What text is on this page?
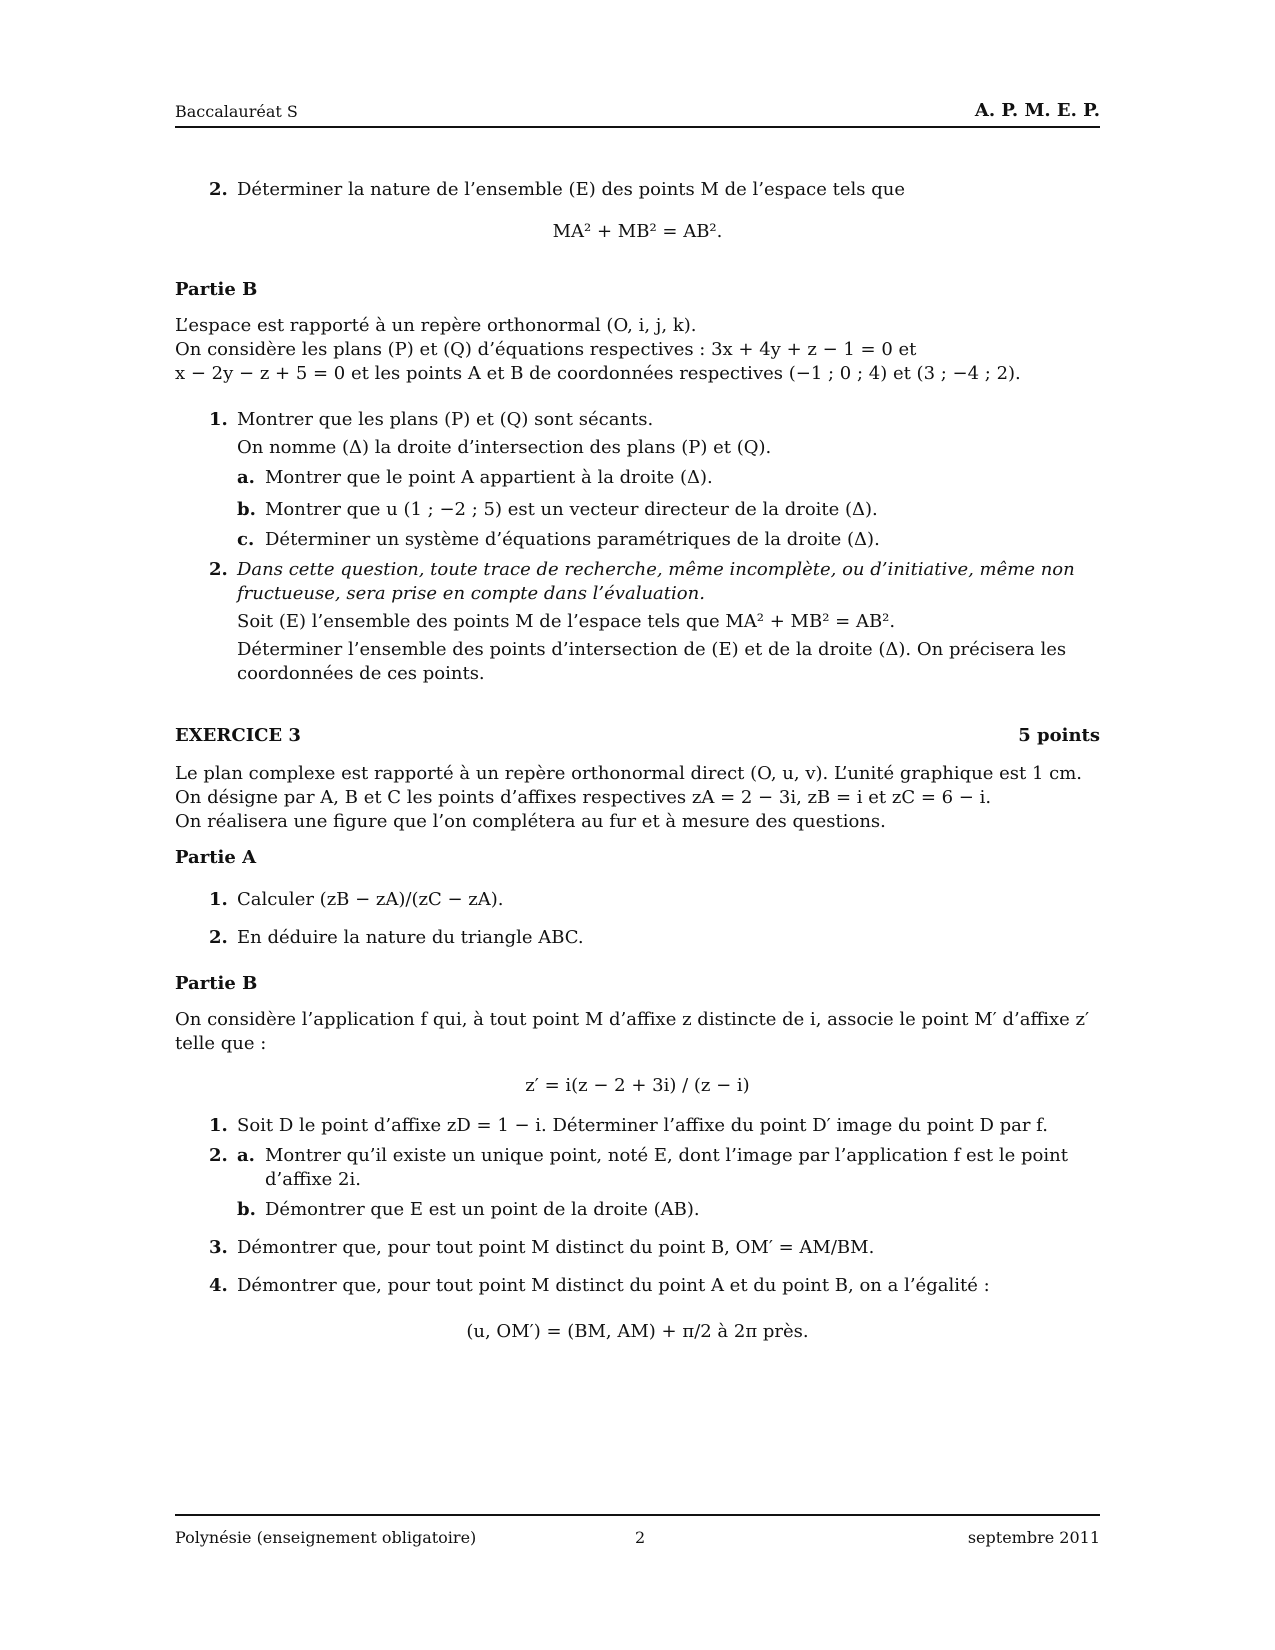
Baccalauréat S	A. P. M. E. P.
2. Déterminer la nature de l’ensemble (E) des points M de l’espace tels que
MA² + MB² = AB².
Partie B
L’espace est rapporté à un repère orthonormal (O, i, j, k).
On considère les plans (P) et (Q) d’équations respectives : 3x + 4y + z − 1 = 0 et
x − 2y − z + 5 = 0 et les points A et B de coordonnées respectives (−1 ; 0 ; 4) et (3 ; −4 ; 2).
1. Montrer que les plans (P) et (Q) sont sécants.
On nomme (Δ) la droite d’intersection des plans (P) et (Q).
a. Montrer que le point A appartient à la droite (Δ).
b. Montrer que u (1 ; −2 ; 5) est un vecteur directeur de la droite (Δ).
c. Déterminer un système d’équations paramétriques de la droite (Δ).
2. Dans cette question, toute trace de recherche, même incomplète, ou d’initiative, même non fructueuse, sera prise en compte dans l’évaluation.
Soit (E) l’ensemble des points M de l’espace tels que MA² + MB² = AB².
Déterminer l’ensemble des points d’intersection de (E) et de la droite (Δ). On précisera les coordonnées de ces points.
EXERCICE 3	5 points
Le plan complexe est rapporté à un repère orthonormal direct (O, u, v). L’unité graphique est 1 cm.
On désigne par A, B et C les points d’affixes respectives zA = 2 − 3i, zB = i et zC = 6 − i.
On réalisera une figure que l’on complétera au fur et à mesure des questions.
Partie A
1. Calculer (zB − zA)/(zC − zA).
2. En déduire la nature du triangle ABC.
Partie B
On considère l’application f qui, à tout point M d’affixe z distincte de i, associe le point M′ d’affixe z′ telle que :
z′ = i(z − 2 + 3i) / (z − i)
1. Soit D le point d’affixe zD = 1 − i. Déterminer l’affixe du point D′ image du point D par f.
2. a. Montrer qu’il existe un unique point, noté E, dont l’image par l’application f est le point d’affixe 2i.
b. Démontrer que E est un point de la droite (AB).
3. Démontrer que, pour tout point M distinct du point B, OM′ = AM/BM.
4. Démontrer que, pour tout point M distinct du point A et du point B, on a l’égalité :
(u, OM′) = (BM, AM) + π/2 à 2π près.
Polynésie (enseignement obligatoire)	2	septembre 2011
